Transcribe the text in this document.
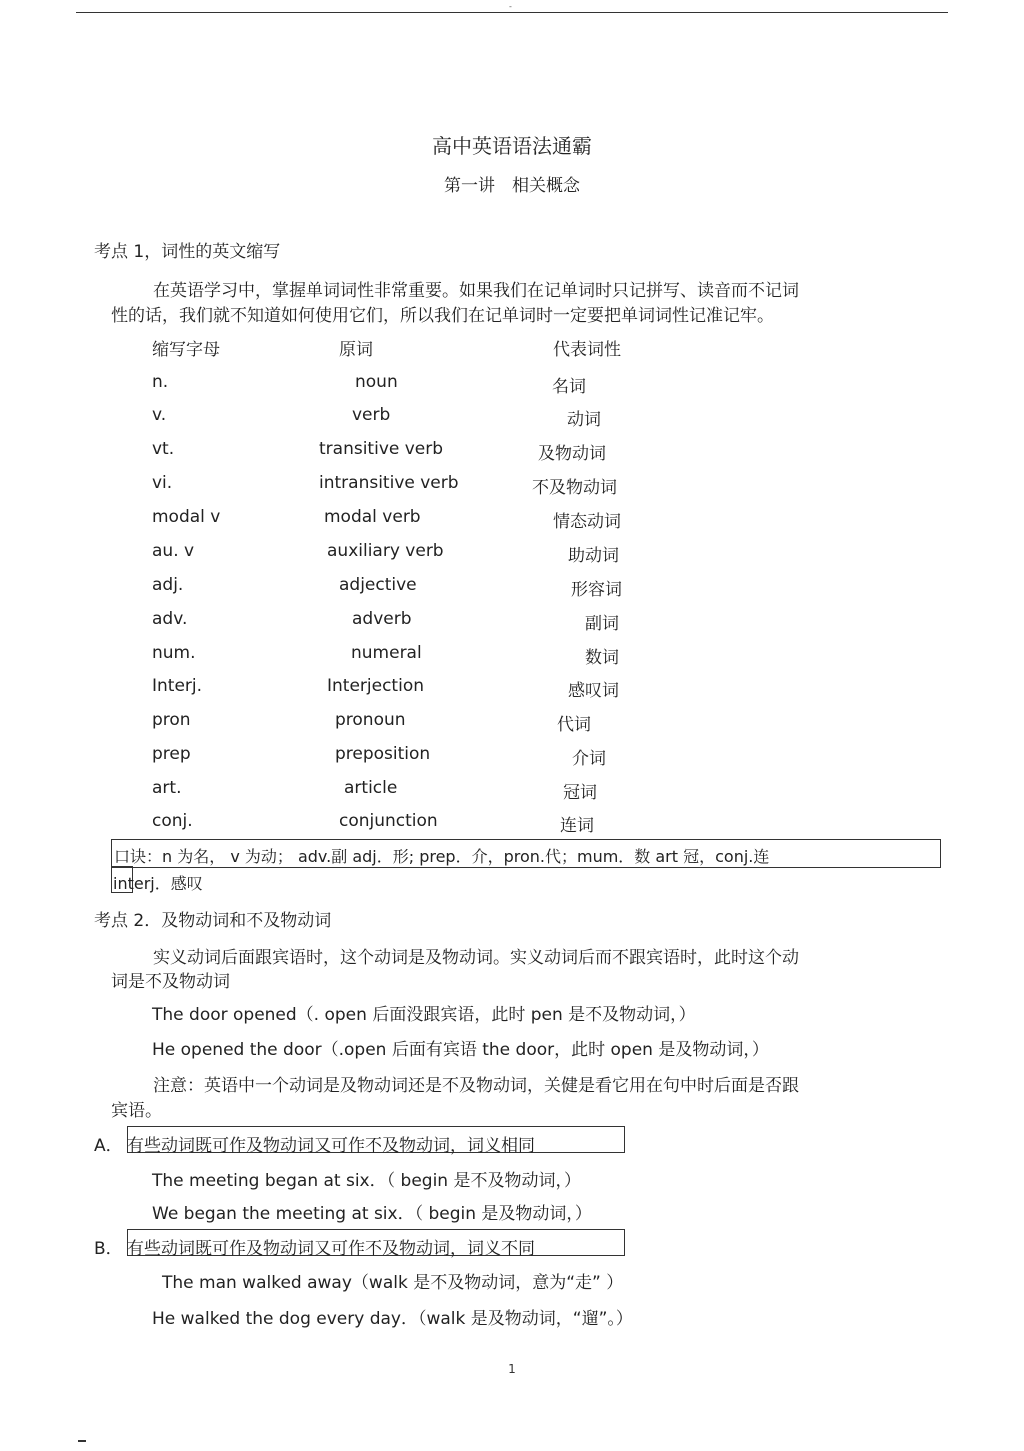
-
高中英语语法通霸
第一讲　相关概念
考点 1，词性的英文缩写
在英语学习中，掌握单词词性非常重要。如果我们在记单词时只记拼写、读音而不记词
性的话，我们就不知道如何使用它们，所以我们在记单词时一定要把单词词性记准记牢。
缩写字母	原词	代表词性
n.	noun	名词
v.	verb	动词
vt.	transitive verb	及物动词
vi.	intransitive verb	不及物动词
modal v	modal verb	情态动词
au. v	auxiliary verb	助动词
adj.	adjective	形容词
adv.	adverb	副词
num.	numeral	数词
Interj.	Interjection	感叹词
pron	pronoun	代词
prep	preposition	介词
art.	article	冠词
conj.	conjunction	连词
口诀：n 为名， v 为动； adv.副 adj．形; prep．介，pron.代；mum．数 art 冠，conj.连
interj．感叹
考点 2．及物动词和不及物动词
实义动词后面跟宾语时，这个动词是及物动词。实义动词后而不跟宾语时，此时这个动
词是不及物动词
The door opened（. open 后面没跟宾语，此时 pen 是不及物动词，）
He opened the door（.open 后面有宾语 the door，此时 open 是及物动词，）
注意：英语中一个动词是及物动词还是不及物动词，关健是看它用在句中时后面是否跟
宾语。
A． 有些动词既可作及物动词又可作不及物动词，词义相同
The meeting began at six．（ begin 是不及物动词，）
We began the meeting at six．（ begin 是及物动词，）
B． 有些动词既可作及物动词又可作不及物动词，词义不同
The man walked away（walk 是不及物动词，意为“走” ）
He walked the dog every day．（walk 是及物动词，“遛”。）
1
